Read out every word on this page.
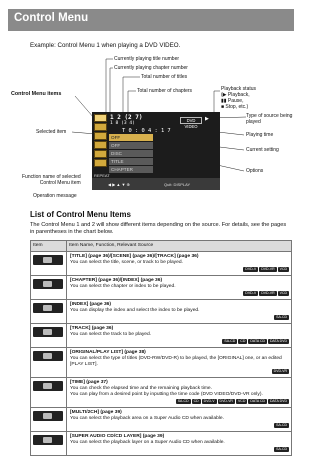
Control Menu
Example: Control Menu 1 when playing a DVD VIDEO.
Currently playing title number
Currently playing chapter number
Total number of titles
Total number of chapters	Playback status
(▶ Playback,
▮▮ Pause,
■ Stop, etc.)
Control Menu items
Selected item
Type of source being
played
Playing time
Current setting
Options
Function name of selected
Control Menu item
Operation message
1 2 (2 7)
1 8 (3 4)
T 0 : 0 4 : 1 7
DVD VIDEO
▶
OFF
OFF
DISC
TITLE
CHAPTER
REPEAT
◀ ▶ ▲ ▼ ⊕	Quit: DISPLAY
List of Control Menu Items
The Control Menu 1 and 2 will show different items depending on the source. For details, see the pages in parentheses in the chart below.
Item	Item Name, Function, Relevant Source

	[TITLE] (page 36)/[SCENE] (page 36)/[TRACK] (page 36)
You can select the title, scene, or track to be played.
DVD-V DVD-VR VCD

	[CHAPTER] (page 36)/[INDEX] (page 36)
You can select the chapter or index to be played.
DVD-V DVD-VR VCD

	[INDEX] (page 36)
You can display the index and select the index to be played.
SA-CD

	[TRACK] (page 36)
You can select the track to be played.
SA-CD CD DATA CD DATA DVD

	[ORIGINAL/PLAY LIST] (page 38)
You can select the type of titles (DVD-RW/DVD-R) to be played, the [ORIGINAL] one, or an edited [PLAY LIST].
DVD-VR

	[TIME] (page 37)
You can check the elapsed time and the remaining playback time.
You can play from a desired point by inputting the time code (DVD VIDEO/DVD-VR only).
SA-CD CD DVD-V DVD-VR VCD DATA CD DATA DVD

	[MULTI/2CH] (page 39)
You can select the playback area on a Super Audio CD when available.
SA-CD

	[SUPER AUDIO CD/CD LAYER] (page 39)
You can select the playback layer on a Super Audio CD when available.
SA-CD
